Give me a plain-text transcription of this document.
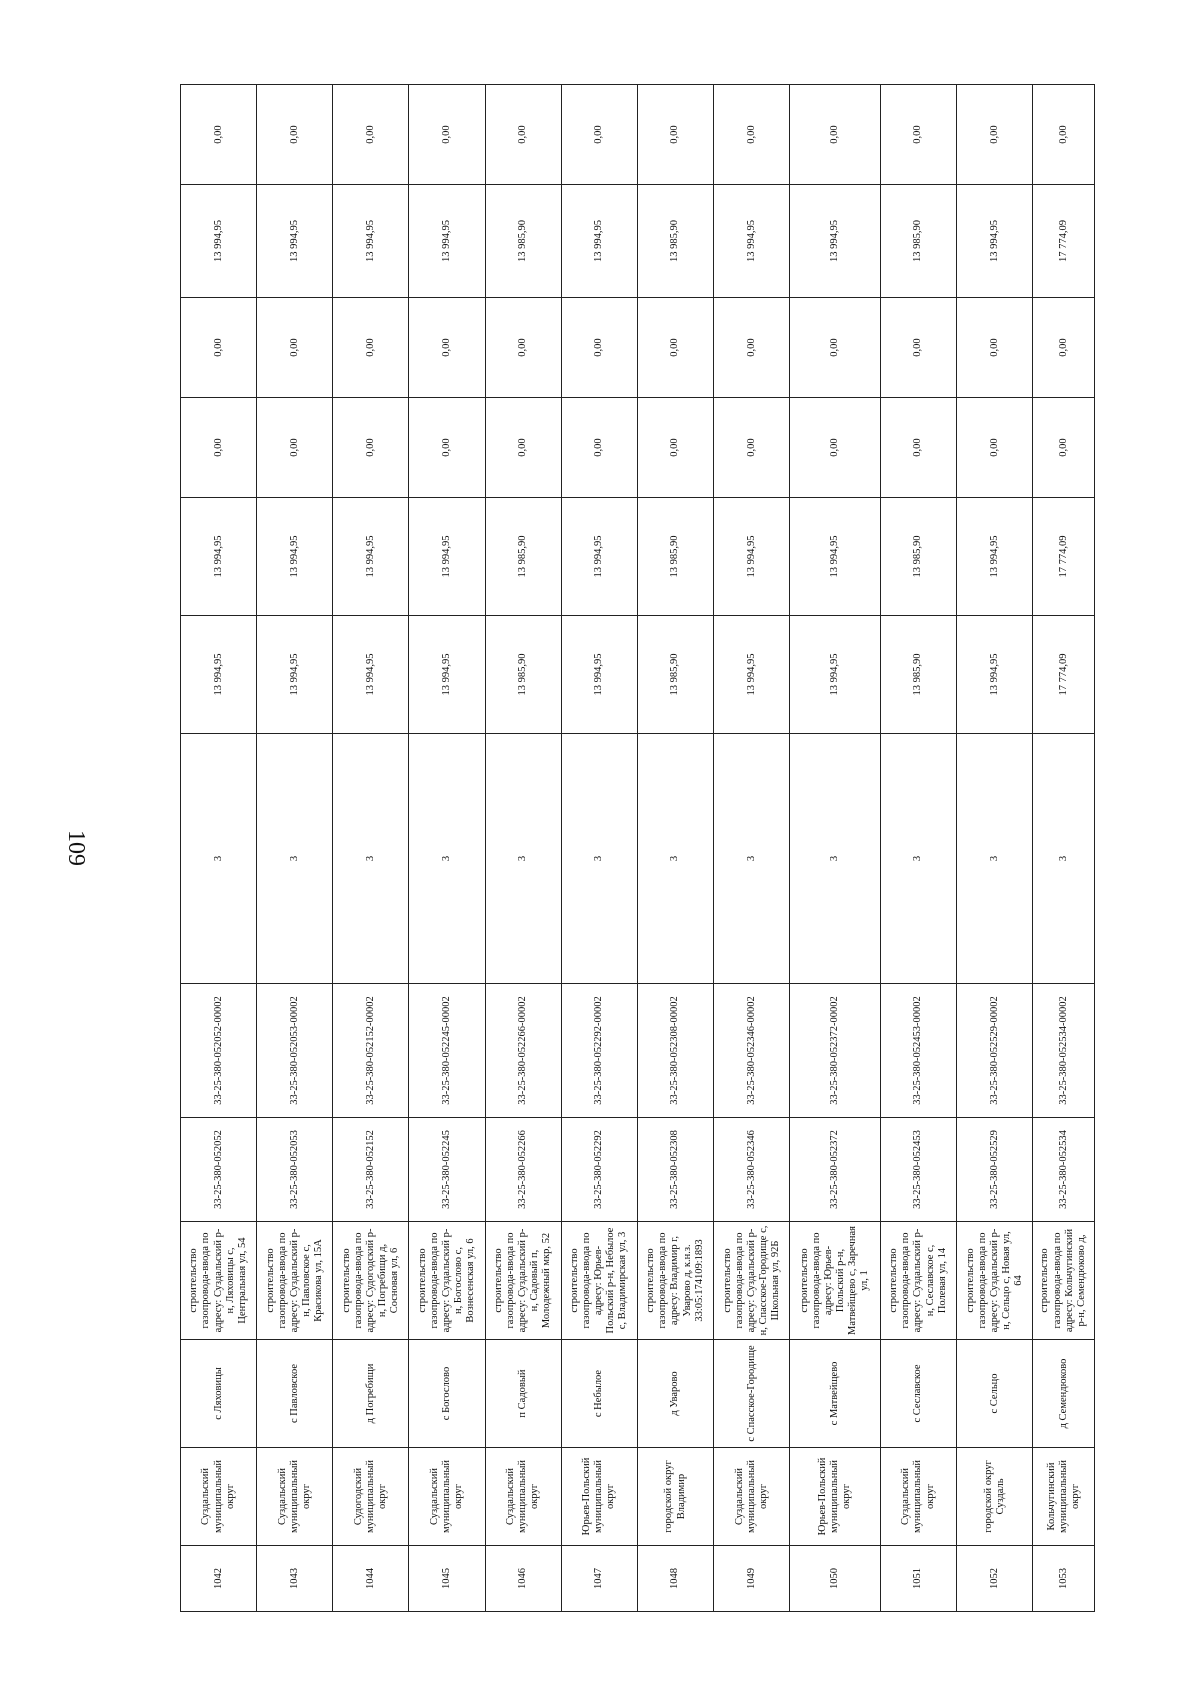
109
1042	Суздальский муниципальный округ	с Ляховицы	строительство газопровода-ввода по адресу: Суздальский р-н, Ляховицы с, Центральная ул, 54	33-25-380-052052	33-25-380-052052-00002	3	13 994,95	13 994,95	0,00	0,00	13 994,95	0,00
1043	Суздальский муниципальный округ	с Павловское	строительство газопровода-ввода по адресу: Суздальский р-н, Павловское с, Красикова ул, 15А	33-25-380-052053	33-25-380-052053-00002	3	13 994,95	13 994,95	0,00	0,00	13 994,95	0,00
1044	Судогодский муниципальный округ	д Погребищи	строительство газопровода-ввода по адресу: Судогодский р-н, Погребищи д, Сосновая ул, 6	33-25-380-052152	33-25-380-052152-00002	3	13 994,95	13 994,95	0,00	0,00	13 994,95	0,00
1045	Суздальский муниципальный округ	с Богослово	строительство газопровода-ввода по адресу: Суздальский р-н, Богослово с, Вознесенская ул, 6	33-25-380-052245	33-25-380-052245-00002	3	13 994,95	13 994,95	0,00	0,00	13 994,95	0,00
1046	Суздальский муниципальный округ	п Садовый	строительство газопровода-ввода по адресу: Суздальский р-н, Садовый п, Молодежный мкр, 52	33-25-380-052266	33-25-380-052266-00002	3	13 985,90	13 985,90	0,00	0,00	13 985,90	0,00
1047	Юрьев-Польский муниципальный округ	с Небылое	строительство газопровода-ввода по адресу: Юрьев-Польский р-н, Небылое с, Владимирская ул, 3	33-25-380-052292	33-25-380-052292-00002	3	13 994,95	13 994,95	0,00	0,00	13 994,95	0,00
1048	городской округ Владимир	д Уварово	строительство газопровода-ввода по адресу: Владимир г, Уварово д, к.н.з. 33:05:174109:1893	33-25-380-052308	33-25-380-052308-00002	3	13 985,90	13 985,90	0,00	0,00	13 985,90	0,00
1049	Суздальский муниципальный округ	с Спасское-Городище	строительство газопровода-ввода по адресу: Суздальский р-н, Спасское-Городище с, Школьная ул, 92Б	33-25-380-052346	33-25-380-052346-00002	3	13 994,95	13 994,95	0,00	0,00	13 994,95	0,00
1050	Юрьев-Польский муниципальный округ	с Матвейщево	строительство газопровода-ввода по адресу: Юрьев-Польский р-н, Матвейщево с, Заречная ул, 1	33-25-380-052372	33-25-380-052372-00002	3	13 994,95	13 994,95	0,00	0,00	13 994,95	0,00
1051	Суздальский муниципальный округ	с Сеславское	строительство газопровода-ввода по адресу: Суздальский р-н, Сеславское с, Полевая ул, 14	33-25-380-052453	33-25-380-052453-00002	3	13 985,90	13 985,90	0,00	0,00	13 985,90	0,00
1052	городской округ Суздаль	с Сельцо	строительство газопровода-ввода по адресу: Суздальский р-н, Сельцо с, Новая ул, 64	33-25-380-052529	33-25-380-052529-00002	3	13 994,95	13 994,95	0,00	0,00	13 994,95	0,00
1053	Кольчугинский муниципальный округ	д Семендюково	строительство газопровода-ввода по адресу: Кольчугинский р-н, Семендюково д,	33-25-380-052534	33-25-380-052534-00002	3	17 774,09	17 774,09	0,00	0,00	17 774,09	0,00
